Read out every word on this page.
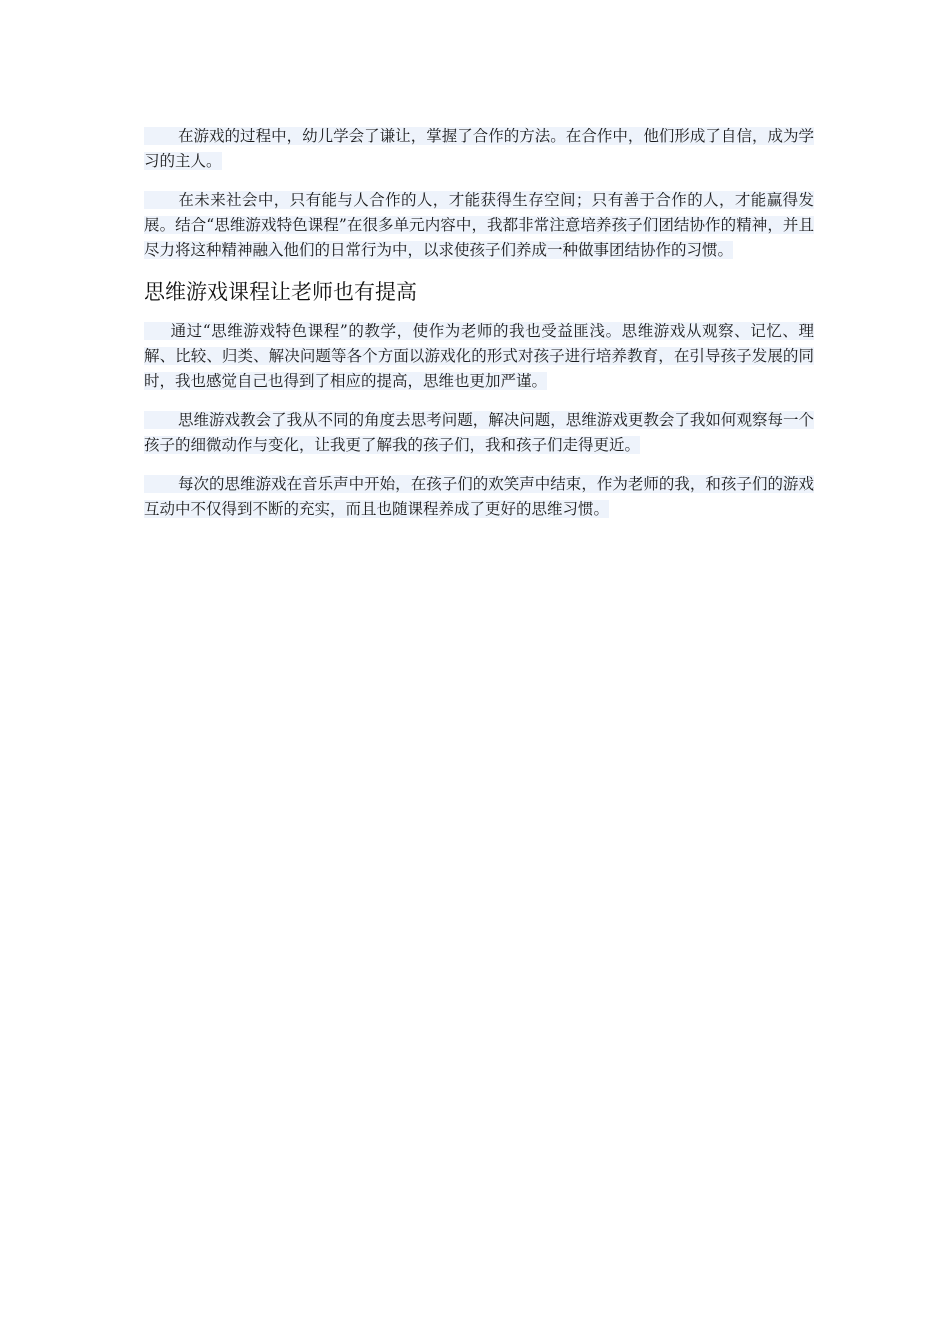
在游戏的过程中，幼儿学会了谦让，掌握了合作的方法。在合作中，他们形成了自信，成为学习的主人。

在未来社会中，只有能与人合作的人，才能获得生存空间；只有善于合作的人，才能赢得发展。结合“思维游戏特色课程”在很多单元内容中，我都非常注意培养孩子们团结协作的精神，并且尽力将这种精神融入他们的日常行为中，以求使孩子们养成一种做事团结协作的习惯。

思维游戏课程让老师也有提高

通过“思维游戏特色课程”的教学，使作为老师的我也受益匪浅。思维游戏从观察、记忆、理解、比较、归类、解决问题等各个方面以游戏化的形式对孩子进行培养教育，在引导孩子发展的同时，我也感觉自己也得到了相应的提高，思维也更加严谨。

思维游戏教会了我从不同的角度去思考问题，解决问题，思维游戏更教会了我如何观察每一个孩子的细微动作与变化，让我更了解我的孩子们，我和孩子们走得更近。

每次的思维游戏在音乐声中开始，在孩子们的欢笑声中结束，作为老师的我，和孩子们的游戏互动中不仅得到不断的充实，而且也随课程养成了更好的思维习惯。
